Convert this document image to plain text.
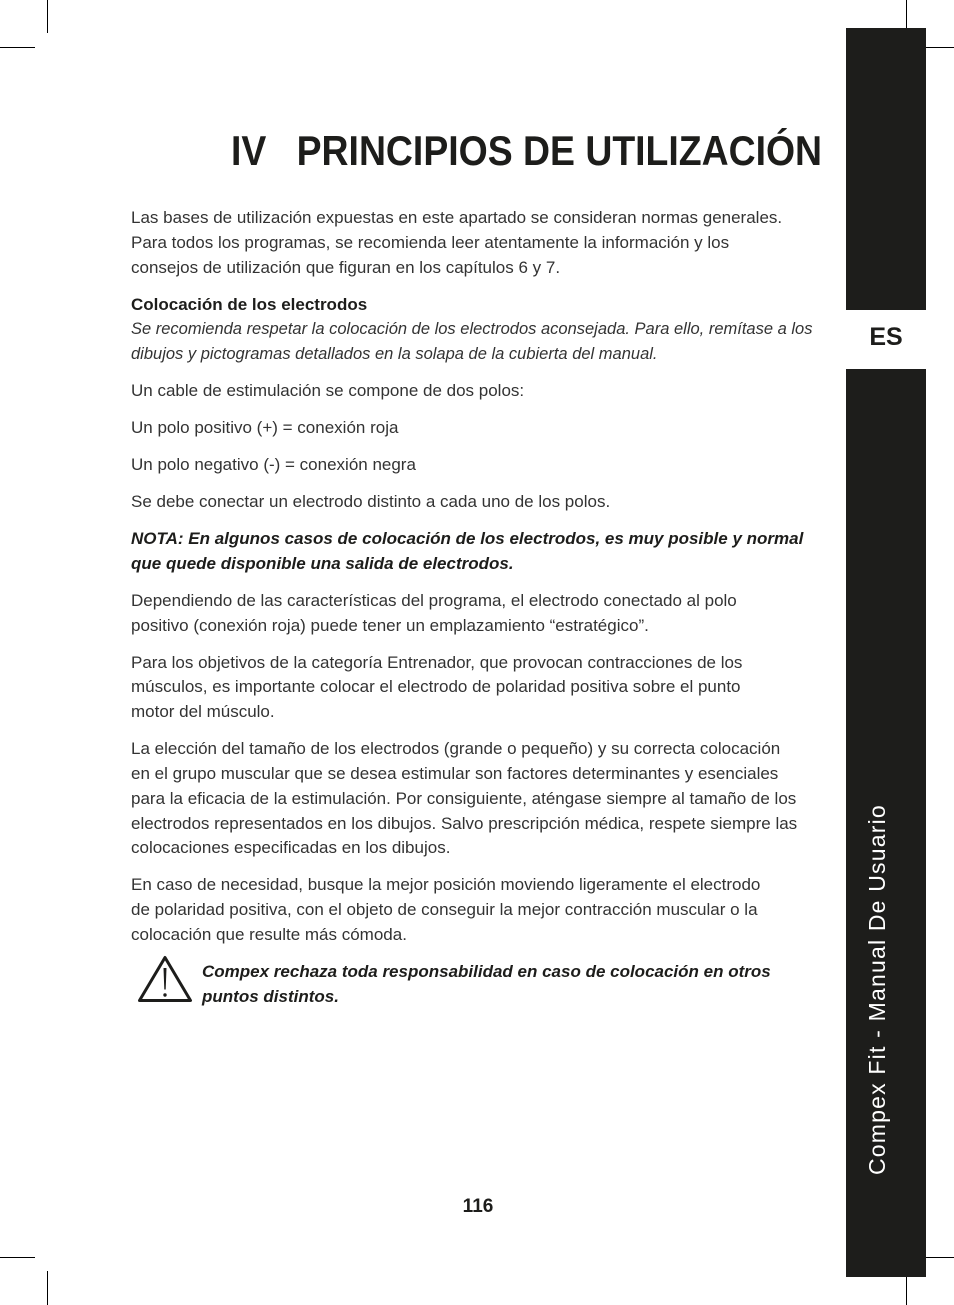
ES
Compex Fit - Manual De Usuario
IV PRINCIPIOS DE UTILIZACIÓN
Las bases de utilización expuestas en este apartado se consideran normas generales.
Para todos los programas, se recomienda leer atentamente la información y los
consejos de utilización que figuran en los capítulos 6 y 7.
Colocación de los electrodos
Se recomienda respetar la colocación de los electrodos aconsejada. Para ello, remítase a los
dibujos y pictogramas detallados en la solapa de la cubierta del manual.
Un cable de estimulación se compone de dos polos:
Un polo positivo (+) = conexión roja
Un polo negativo (-) = conexión negra
Se debe conectar un electrodo distinto a cada uno de los polos.
NOTA: En algunos casos de colocación de los electrodos, es muy posible y normal
que quede disponible una salida de electrodos.
Dependiendo de las características del programa, el electrodo conectado al polo
positivo (conexión roja) puede tener un emplazamiento “estratégico”.
Para los objetivos de la categoría Entrenador, que provocan contracciones de los
músculos, es importante colocar el electrodo de polaridad positiva sobre el punto
motor del músculo.
La elección del tamaño de los electrodos (grande o pequeño) y su correcta colocación
en el grupo muscular que se desea estimular son factores determinantes y esenciales
para la eficacia de la estimulación. Por consiguiente, aténgase siempre al tamaño de los
electrodos representados en los dibujos. Salvo prescripción médica, respete siempre las
colocaciones especificadas en los dibujos.
En caso de necesidad, busque la mejor posición moviendo ligeramente el electrodo
de polaridad positiva, con el objeto de conseguir la mejor contracción muscular o la
colocación que resulte más cómoda.
Compex rechaza toda responsabilidad en caso de colocación en otros
puntos distintos.
116
